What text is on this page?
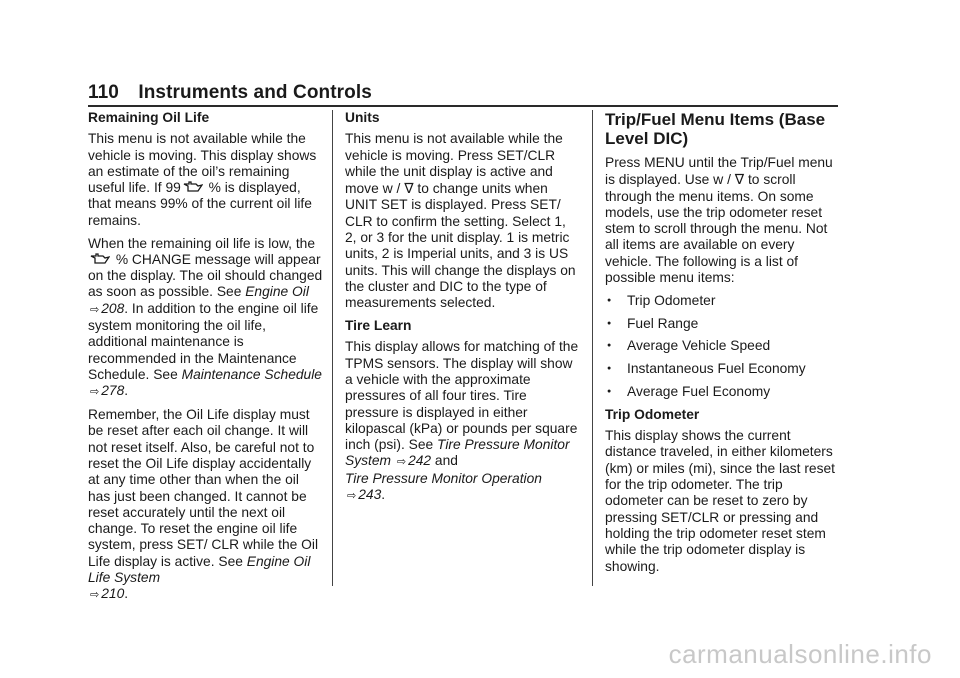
110 Instruments and Controls
Remaining Oil Life

This menu is not available while the vehicle is moving. This display shows an estimate of the oil’s remaining useful life. If 99 % is displayed, that means 99% of the current oil life remains.

When the remaining oil life is low, the  % CHANGE message will appear on the display. The oil should changed as soon as possible. See Engine Oil ⇨ 208. In addition to the engine oil life system monitoring the oil life, additional maintenance is recommended in the Maintenance Schedule. See Maintenance Schedule ⇨ 278.

Remember, the Oil Life display must be reset after each oil change. It will not reset itself. Also, be careful not to reset the Oil Life display accidentally at any time other than when the oil has just been changed. It cannot be reset accurately until the next oil change. To reset the engine oil life system, press SET/ CLR while the Oil Life display is active. See Engine Oil Life System
⇨ 210.

Units

This menu is not available while the vehicle is moving. Press SET/CLR while the unit display is active and move w / ∇ to change units when UNIT SET is displayed. Press SET/ CLR to confirm the setting. Select 1, 2, or 3 for the unit display. 1 is metric units, 2 is Imperial units, and 3 is US units. This will change the displays on the cluster and DIC to the type of measurements selected.

Tire Learn

This display allows for matching of the TPMS sensors. The display will show a vehicle with the approximate pressures of all four tires. Tire pressure is displayed in either kilopascal (kPa) or pounds per square inch (psi). See Tire Pressure Monitor System ⇨ 242 and
Tire Pressure Monitor Operation
⇨ 243.

Trip/Fuel Menu Items (Base Level DIC)

Press MENU until the Trip/Fuel menu is displayed. Use w / ∇ to scroll through the menu items. On some models, use the trip odometer reset stem to scroll through the menu. Not all items are available on every vehicle. The following is a list of possible menu items:

● Trip Odometer
● Fuel Range
● Average Vehicle Speed
● Instantaneous Fuel Economy
● Average Fuel Economy
Trip Odometer

This display shows the current distance traveled, in either kilometers (km) or miles (mi), since the last reset for the trip odometer. The trip odometer can be reset to zero by pressing SET/CLR or pressing and holding the trip odometer reset stem while the trip odometer display is showing.

carmanualsonline.info
